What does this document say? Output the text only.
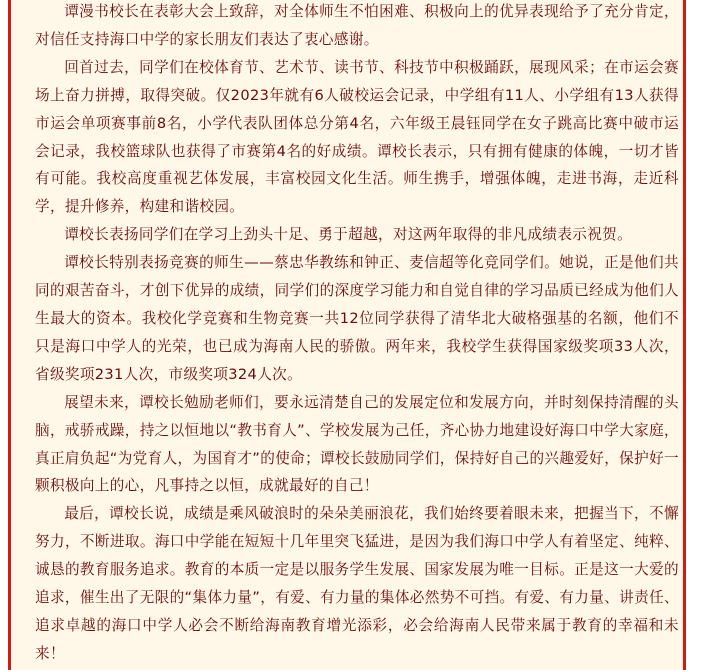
谭漫书校长在表彰大会上致辞，对全体师生不怕困难、积极向上的优异表现给予了充分肯定，对信任支持海口中学的家长朋友们表达了衷心感谢。

回首过去，同学们在校体育节、艺术节、读书节、科技节中积极踊跃，展现风采；在市运会赛场上奋力拼搏，取得突破。仅2023年就有6人破校运会记录，中学组有11人、小学组有13人获得市运会单项赛事前8名，小学代表队团体总分第4名，六年级王晨钰同学在女子跳高比赛中破市运会记录，我校篮球队也获得了市赛第4名的好成绩。谭校长表示，只有拥有健康的体魄，一切才皆有可能。我校高度重视艺体发展，丰富校园文化生活。师生携手，增强体魄，走进书海，走近科学，提升修养，构建和谐校园。

谭校长表扬同学们在学习上劲头十足、勇于超越，对这两年取得的非凡成绩表示祝贺。

谭校长特别表扬竞赛的师生——蔡忠华教练和钟正、麦信超等化竞同学们。她说，正是他们共同的艰苦奋斗，才创下优异的成绩，同学们的深度学习能力和自觉自律的学习品质已经成为他们人生最大的资本。我校化学竞赛和生物竞赛一共12位同学获得了清华北大破格强基的名额，他们不只是海口中学人的光荣，也已成为海南人民的骄傲。两年来，我校学生获得国家级奖项33人次，省级奖项231人次，市级奖项324人次。

展望未来，谭校长勉励老师们，要永远清楚自己的发展定位和发展方向，并时刻保持清醒的头脑，戒骄戒躁，持之以恒地以“教书育人”、学校发展为己任，齐心协力地建设好海口中学大家庭，真正肩负起“为党育人，为国育才”的使命；谭校长鼓励同学们，保持好自己的兴趣爱好，保护好一颗积极向上的心，凡事持之以恒，成就最好的自己！

最后，谭校长说，成绩是乘风破浪时的朵朵美丽浪花，我们始终要着眼未来，把握当下，不懈努力，不断进取。海口中学能在短短十几年里突飞猛进，是因为我们海口中学人有着坚定、纯粹、诚恳的教育服务追求。教育的本质一定是以服务学生发展、国家发展为唯一目标。正是这一大爱的追求，催生出了无限的“集体力量”，有爱、有力量的集体必然势不可挡。有爱、有力量、讲责任、追求卓越的海口中学人必会不断给海南教育增光添彩，必会给海南人民带来属于教育的幸福和未来！
